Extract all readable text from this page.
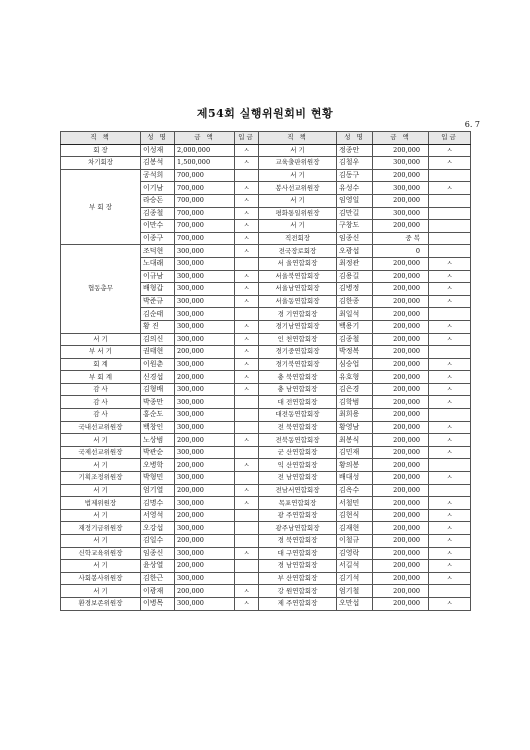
제54회 실행위원회비 현황
6. 7
직 책	성 명	금 액	입금	직 책	성 명	금 액	입금
회 장	이성재	2,000,000	ㅅ	서 기	정종안	200,000	ㅅ
차기회장	김봉석	1,500,000	ㅅ	교육출판위원장	김철우	300,000	ㅅ
부 회 장	공석희	700,000		서 기	김동구	200,000	
	이기남	700,000	ㅅ	봉사선교위원장	유성수	300,000	ㅅ
	라승돈	700,000	ㅅ	서 기	임영일	200,000	
	김종철	700,000	ㅅ	평화통일위원장	김만길	300,000	
	이만수	700,000	ㅅ	서 기	구창도	200,000	
	이종구	700,000	ㅅ	직전회장	임종신	중 복	
협동총무	조덕현	300,000	ㅅ	전국장로회장	오광섭	0	
	노대래	300,000		서 울연합회장	최정관	200,000	ㅅ
	이규남	300,000	ㅅ	서울북연합회장	김용길	200,000	ㅅ
	배형갑	300,000	ㅅ	서울남연합회장	김병정	200,000	ㅅ
	박준규	300,000	ㅅ	서울동연합회장	김한종	200,000	ㅅ
	김순태	300,000		경 기연합회장	최일석	200,000	
	황 진	300,000	ㅅ	경기남연합회장	백용기	200,000	ㅅ
서 기	김의신	300,000	ㅅ	인 천연합회장	김종철	200,000	ㅅ
부 서 기	권태현	200,000	ㅅ	경기중연합회장	박정복	200,000	
회 계	이원춘	300,000	ㅅ	경기북연합회장	심승업	200,000	ㅅ
부 회 계	신경섭	200,000	ㅅ	충 북연합회장	유호형	200,000	ㅅ
감 사	김형배	300,000	ㅅ	충 남연합회장	김은경	200,000	ㅅ
감 사	박종만	300,000		대 전연합회장	김학범	200,000	ㅅ
감 사	홍순도	300,000		대전동연합회장	최희용	200,000	
국내선교위원장	백창인	300,000		전 북연합회장	황영남	200,000	ㅅ
서 기	노상범	200,000	ㅅ	전북동연합회장	최봉식	200,000	ㅅ
국제선교위원장	박관순	300,000		군 산연합회장	김민재	200,000	ㅅ
서 기	오병학	200,000	ㅅ	익 산연합회장	황의봉	200,000	
기획조정위원장	박형민	300,000		전 남연합회장	배대성	200,000	ㅅ
서 기	엄기열	200,000	ㅅ	전남서연합회장	김옥수	200,000	
법제위원장	김명수	300,000	ㅅ	목포연합회장	서철민	200,000	ㅅ
서 기	서영석	200,000		광 주연합회장	김현식	200,000	ㅅ
재정기금위원장	오강섭	300,000		광주남연합회장	김재현	200,000	ㅅ
서 기	김일수	200,000		경 북연합회장	이철규	200,000	ㅅ
신학교육위원장	임종신	300,000	ㅅ	대 구연합회장	김영락	200,000	ㅅ
서 기	윤상열	200,000		경 남연합회장	서길석	200,000	ㅅ
사회봉사위원장	김한근	300,000		부 산연합회장	김기석	200,000	ㅅ
서 기	이광재	200,000	ㅅ	강 원연합회장	엄기철	200,000	
환경보존위원장	이병목	300,000	ㅅ	제 주연합회장	오만섭	200,000	ㅅ
